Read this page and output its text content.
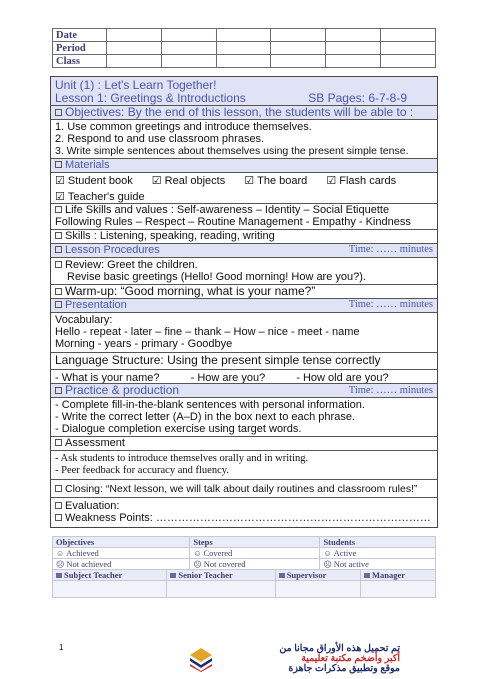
Date						
Period						
Class						
Unit (1) : Let's Learn Together!
Lesson 1: Greetings & Introductions	SB Pages: 6-7-8-9
Objectives: By the end of this lesson, the students will be able to :
1. Use common greetings and introduce themselves.
2. Respond to and use classroom phrases.
3. Write simple sentences about themselves using the present simple tense.
Materials
☑ Student book ☑ Real objects ☑ The board ☑ Flash cards
☑ Teacher's guide
Life Skills and values : Self-awareness – Identity – Social Etiquette
Following Rules – Respect – Routine Management - Empathy - Kindness
Skills : Listening, speaking, reading, writing
Lesson Procedures	Time: …… minutes
Review: Greet the children.
Revise basic greetings (Hello! Good morning! How are you?).
Warm-up: “Good morning, what is your name?”
Presentation	Time: …… minutes
Vocabulary:
Hello - repeat - later – fine – thank – How – nice - meet - name
Morning - years - primary - Goodbye
Language Structure: Using the present simple tense correctly
- What is your name?	- How are you?	- How old are you?
Practice & production	Time: …… minutes
- Complete fill-in-the-blank sentences with personal information.
- Write the correct letter (A–D) in the box next to each phrase.
- Dialogue completion exercise using target words.
Assessment
- Ask students to introduce themselves orally and in writing.
- Peer feedback for accuracy and fluency.
Closing: “Next lesson, we will talk about daily routines and classroom rules!”
Evaluation:
Weakness Points: …………………………………………………………………
Objectives	Steps	Students
☺ Achieved	☺ Covered	☺ Active
☹ Not achieved	☹ Not covered	☹ Not active
Subject Teacher	Senior Teacher	Supervisor	Manager

1	تم تحميل هذه الأوراق مجانا من
أكبر وأضخم مكتبة تعليمية
موقع وتطبيق مذكرات جاهزة
